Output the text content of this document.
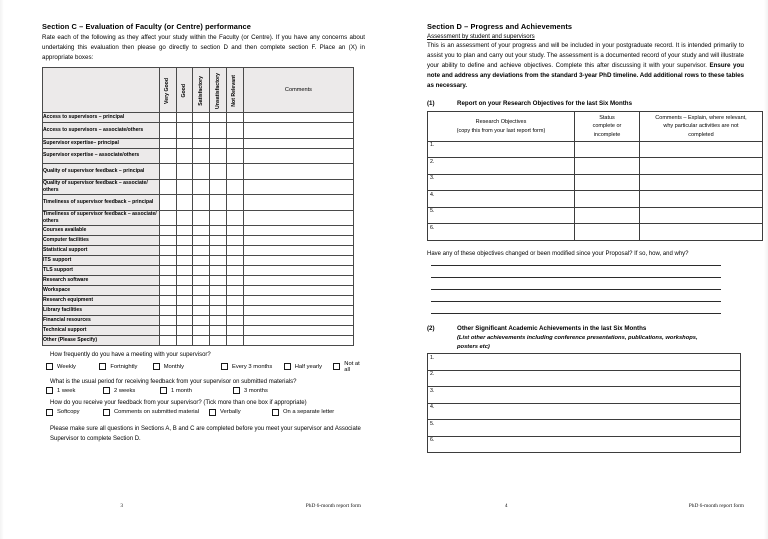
Section C – Evaluation of Faculty (or Centre) performance

Rate each of the following as they affect your study within the Faculty (or Centre). If you have any concerns about undertaking this evaluation then please go directly to section D and then complete section F. Place an (X) in appropriate boxes:

	Very Good	Good	Satisfactory	Unsatisfactory	Not Relevant	Comments
Access to supervisors – principal						
Access to supervisors – associate/others						
Supervisor expertise– principal						
Supervisor expertise – associate/others						
Quality of supervisor feedback – principal						
Quality of supervisor feedback – associate/ others						
Timeliness of supervisor feedback – principal						
Timeliness of supervisor feedback – associate/ others						
Courses available						
Computer facilities						
Statistical support						
ITS support						
TLS support						
Research software						
Workspace						
Research equipment						
Library facilities						
Financial resources						
Technical support						
Other (Please Specify)						
How frequently do you have a meeting with your supervisor?
Weekly	Fortnightly	Monthly	Every 3 months	Half yearly	Not at all
What is the usual period for receiving feedback from your supervisor on submitted materials?
1 week	2 weeks	1 month	3 months
How do you receive your feedback from your supervisor? (Tick more than one box if appropriate)
Softcopy	Comments on submitted material	Verbally	On a separate letter
Please make sure all questions in Sections A, B and C are completed before you meet your supervisor and Associate Supervisor to complete Section D.
3	PhD 6-month report form
Section D – Progress and Achievements
Assessment by student and supervisors

This is an assessment of your progress and will be included in your postgraduate record. It is intended primarily to assist you to plan and carry out your study. The assessment is a documented record of your study and will illustrate your ability to define and achieve objectives. Complete this after discussing it with your supervisor. Ensure you note and address any deviations from the standard 3-year PhD timeline. Add additional rows to these tables as necessary.

(1)	Report on your Research Objectives for the last Six Months
Research Objectives
(copy this from your last report form)	Status
complete or
incomplete	Comments – Explain, where relevant,
why particular activities are not
completed
1.		
2.		
3.		
4.		
5.		
6.		
Have any of these objectives changed or been modified since your Proposal? If so, how, and why?
(2)	Other Significant Academic Achievements in the last Six Months
(List other achievements including conference presentations, publications, workshops,
posters etc)
1.
2.
3.
4.
5.
6.
4	PhD 6-month report form
